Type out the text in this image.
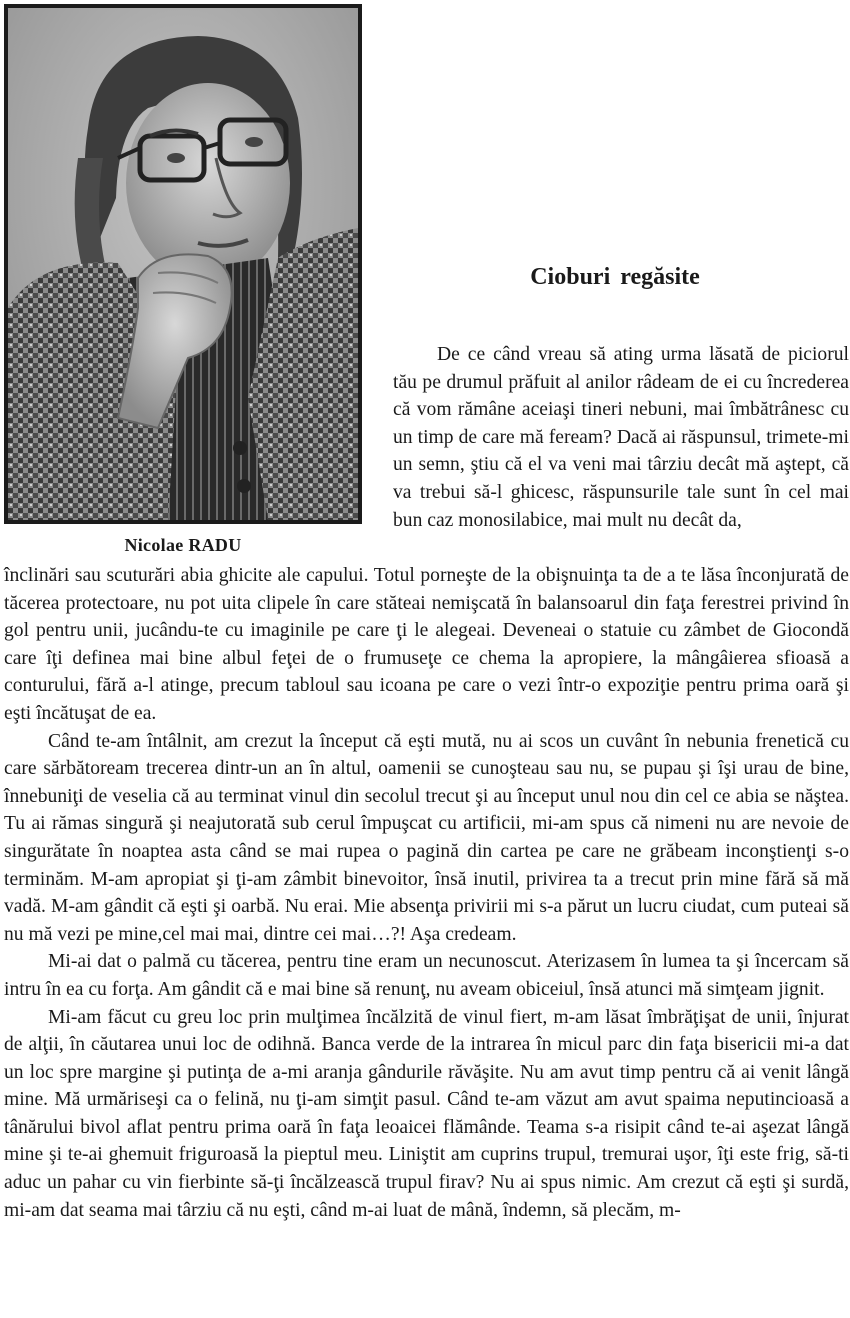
Nicolae RADU
Cioburi regăsite

De ce când vreau să ating urma lăsată de piciorul tău pe drumul prăfuit al anilor râdeam de ei cu încrederea că vom rămâne aceiaşi tineri nebuni, mai îmbătrânesc cu un timp de care mă feream? Dacă ai răspunsul, trimete-mi un semn, ştiu că el va veni mai târziu decât mă aştept, că va trebui să-l ghicesc, răspunsurile tale sunt în cel mai bun caz monosilabice, mai mult nu decât da,

înclinări sau scuturări abia ghicite ale capului. Totul porneşte de la obişnuinţa ta de a te lăsa înconjurată de tăcerea protectoare, nu pot uita clipele în care stăteai nemişcată în balansoarul din faţa ferestrei privind în gol pentru unii, jucându-te cu imaginile pe care ţi le alegeai. Deveneai o statuie cu zâmbet de Giocondă care îţi definea mai bine albul feţei de o frumuseţe ce chema la apropiere, la mângâierea sfioasă a conturului, fără a-l atinge, precum tabloul sau icoana pe care o vezi într-o expoziţie pentru prima oară şi eşti încătuşat de ea.

Când te-am întâlnit, am crezut la început că eşti mută, nu ai scos un cuvânt în nebunia frenetică cu care sărbătoream trecerea dintr-un an în altul, oamenii se cunoşteau sau nu, se pupau şi îşi urau de bine, înnebuniţi de veselia că au terminat vinul din secolul trecut şi au început unul nou din cel ce abia se năştea. Tu ai rămas singură şi neajutorată sub cerul împuşcat cu artificii, mi-am spus că nimeni nu are nevoie de singurătate în noaptea asta când se mai rupea o pagină din cartea pe care ne grăbeam inconştienţi s-o terminăm. M-am apropiat şi ţi-am zâmbit binevoitor, însă inutil, privirea ta a trecut prin mine fără să mă vadă. M-am gândit că eşti şi oarbă. Nu erai. Mie absenţa privirii mi s-a părut un lucru ciudat, cum puteai să nu mă vezi pe mine,cel mai mai, dintre cei mai…?! Aşa credeam.

Mi-ai dat o palmă cu tăcerea, pentru tine eram un necunoscut. Aterizasem în lumea ta şi încercam să intru în ea cu forţa. Am gândit că e mai bine să renunţ, nu aveam obiceiul, însă atunci mă simţeam jignit.

Mi-am făcut cu greu loc prin mulţimea încălzită de vinul fiert, m-am lăsat îmbrăţişat de unii, înjurat de alţii, în căutarea unui loc de odihnă. Banca verde de la intrarea în micul parc din faţa bisericii mi-a dat un loc spre margine şi putinţa de a-mi aranja gândurile răvăşite. Nu am avut timp pentru că ai venit lângă mine. Mă urmăriseşi ca o felină, nu ţi-am simţit pasul. Când te-am văzut am avut spaima neputincioasă a tânărului bivol aflat pentru prima oară în faţa leoaicei flămânde. Teama s-a risipit când te-ai aşezat lângă mine şi te-ai ghemuit friguroasă la pieptul meu. Liniştit am cuprins trupul, tremurai uşor, îţi este frig, să-ti aduc un pahar cu vin fierbinte să-ţi încălzească trupul firav? Nu ai spus nimic. Am crezut că eşti şi surdă, mi-am dat seama mai târziu că nu eşti, când m-ai luat de mână, îndemn, să plecăm, m-
